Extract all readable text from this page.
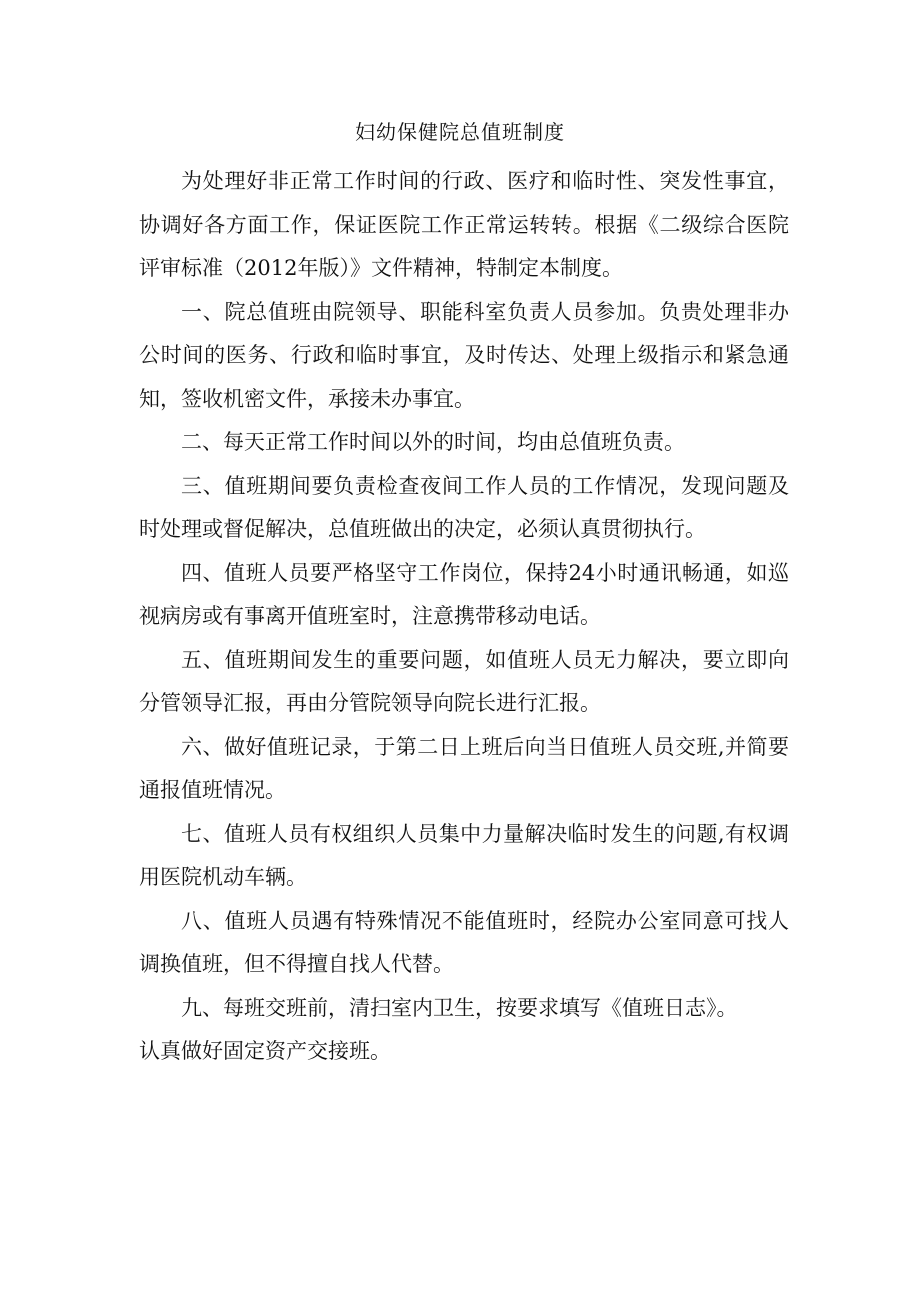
妇幼保健院总值班制度

为处理好非正常工作时间的行政、医疗和临时性、突发性事宜，协调好各方面工作，保证医院工作正常运转转。根据《二级综合医院评审标准（2012年版）》文件精神，特制定本制度。

一、院总值班由院领导、职能科室负责人员参加。负贵处理非办公时间的医务、行政和临时事宜，及时传达、处理上级指示和紧急通知，签收机密文件，承接未办事宜。

二、每天正常工作时间以外的时间，均由总值班负责。

三、值班期间要负责检查夜间工作人员的工作情况，发现问题及时处理或督促解决，总值班做出的决定，必须认真贯彻执行。

四、值班人员要严格坚守工作岗位，保持24小时通讯畅通，如巡视病房或有事离开值班室时，注意携带移动电话。

五、值班期间发生的重要问题，如值班人员无力解决，要立即向分管领导汇报，再由分管院领导向院长进行汇报。

六、做好值班记录，于第二日上班后向当日值班人员交班,并简要通报值班情况。

七、值班人员有权组织人员集中力量解决临时发生的问题,有权调用医院机动车辆。

八、值班人员遇有特殊情况不能值班时，经院办公室同意可找人调换值班，但不得擅自找人代替。

九、每班交班前，清扫室内卫生，按要求填写《值班日志》。

认真做好固定资产交接班。
